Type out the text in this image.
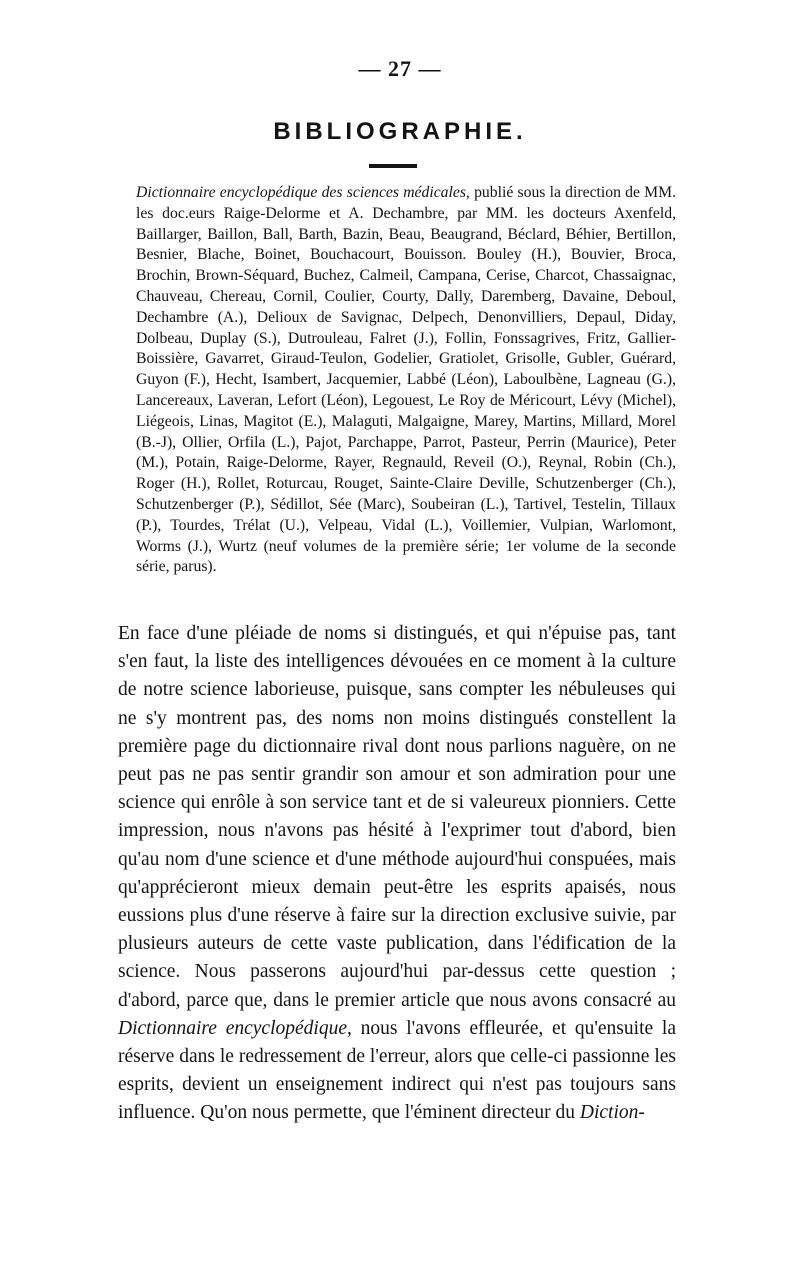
— 27 —
BIBLIOGRAPHIE.
Dictionnaire encyclopédique des sciences médicales, publié sous la direction de MM. les doc.eurs Raige-Delorme et A. Dechambre, par MM. les docteurs Axenfeld, Baillarger, Baillon, Ball, Barth, Bazin, Beau, Beaugrand, Béclard, Béhier, Bertillon, Besnier, Blache, Boinet, Bouchacourt, Bouisson. Bouley (H.), Bouvier, Broca, Brochin, Brown-Séquard, Buchez, Calmeil, Campana, Cerise, Charcot, Chassaignac, Chauveau, Chereau, Cornil, Coulier, Courty, Dally, Daremberg, Davaine, Deboul, Dechambre (A.), Delioux de Savignac, Delpech, Denonvilliers, Depaul, Diday, Dolbeau, Duplay (S.), Dutrouleau, Falret (J.), Follin, Fonssagrives, Fritz, Gallier-Boissière, Gavarret, Giraud-Teulon, Godelier, Gratiolet, Grisolle, Gubler, Guérard, Guyon (F.), Hecht, Isambert, Jacquemier, Labbé (Léon), Laboulbène, Lagneau (G.), Lancereaux, Laveran, Lefort (Léon), Legouest, Le Roy de Méricourt, Lévy (Michel), Liégeois, Linas, Magitot (E.), Malaguti, Malgaigne, Marey, Martins, Millard, Morel (B.-J), Ollier, Orfila (L.), Pajot, Parchappe, Parrot, Pasteur, Perrin (Maurice), Peter (M.), Potain, Raige-Delorme, Rayer, Regnauld, Reveil (O.), Reynal, Robin (Ch.), Roger (H.), Rollet, Roturcau, Rouget, Sainte-Claire Deville, Schutzenberger (Ch.), Schutzenberger (P.), Sédillot, Sée (Marc), Soubeiran (L.), Tartivel, Testelin, Tillaux (P.), Tourdes, Trélat (U.), Velpeau, Vidal (L.), Voillemier, Vulpian, Warlomont, Worms (J.), Wurtz (neuf volumes de la première série; 1er volume de la seconde série, parus).
En face d'une pléiade de noms si distingués, et qui n'épuise pas, tant s'en faut, la liste des intelligences dévouées en ce moment à la culture de notre science laborieuse, puisque, sans compter les nébuleuses qui ne s'y montrent pas, des noms non moins distingués constellent la première page du dictionnaire rival dont nous parlions naguère, on ne peut pas ne pas sentir grandir son amour et son admiration pour une science qui enrôle à son service tant et de si valeureux pionniers. Cette impression, nous n'avons pas hésité à l'exprimer tout d'abord, bien qu'au nom d'une science et d'une méthode aujourd'hui conspuées, mais qu'apprécieront mieux demain peut-être les esprits apaisés, nous eussions plus d'une réserve à faire sur la direction exclusive suivie, par plusieurs auteurs de cette vaste publication, dans l'édification de la science. Nous passerons aujourd'hui par-dessus cette question ; d'abord, parce que, dans le premier article que nous avons consacré au Dictionnaire encyclopédique, nous l'avons effleurée, et qu'ensuite la réserve dans le redressement de l'erreur, alors que celle-ci passionne les esprits, devient un enseignement indirect qui n'est pas toujours sans influence. Qu'on nous permette, que l'éminent directeur du Diction-
